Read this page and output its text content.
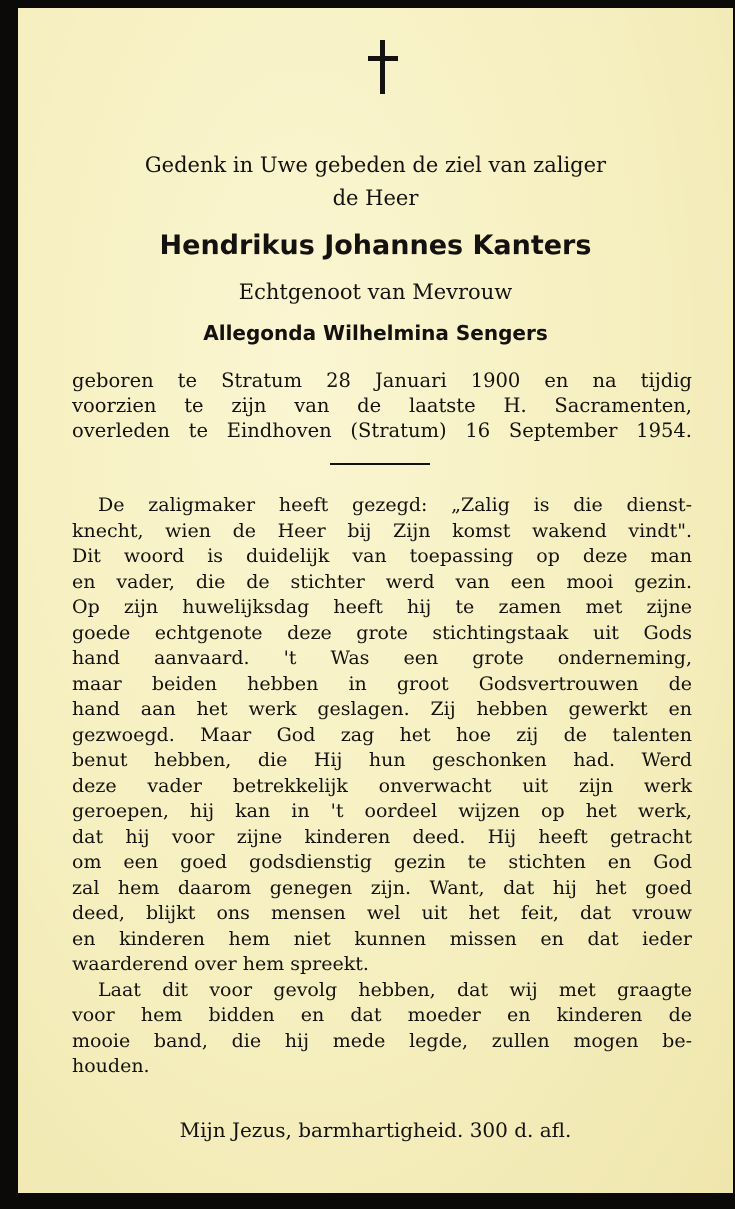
Gedenk in Uwe gebeden de ziel van zaliger
de Heer
Hendrikus Johannes Kanters
Echtgenoot van Mevrouw
Allegonda Wilhelmina Sengers
geboren te Stratum 28 Januari 1900 en na tijdig
voorzien te zijn van de laatste H. Sacramenten,
overleden te Eindhoven (Stratum) 16 September 1954.
De zaligmaker heeft gezegd: „Zalig is die dienst-
knecht, wien de Heer bij Zijn komst wakend vindt".
Dit woord is duidelijk van toepassing op deze man
en vader, die de stichter werd van een mooi gezin.
Op zijn huwelijksdag heeft hij te zamen met zijne
goede echtgenote deze grote stichtingstaak uit Gods
hand aanvaard. 't Was een grote onderneming,
maar beiden hebben in groot Godsvertrouwen de
hand aan het werk geslagen. Zij hebben gewerkt en
gezwoegd. Maar God zag het hoe zij de talenten
benut hebben, die Hij hun geschonken had. Werd
deze vader betrekkelijk onverwacht uit zijn werk
geroepen, hij kan in 't oordeel wijzen op het werk,
dat hij voor zijne kinderen deed. Hij heeft getracht
om een goed godsdienstig gezin te stichten en God
zal hem daarom genegen zijn. Want, dat hij het goed
deed, blijkt ons mensen wel uit het feit, dat vrouw
en kinderen hem niet kunnen missen en dat ieder
waarderend over hem spreekt.
Laat dit voor gevolg hebben, dat wij met graagte
voor hem bidden en dat moeder en kinderen de
mooie band, die hij mede legde, zullen mogen be-
houden.
Mijn Jezus, barmhartigheid. 300 d. afl.
